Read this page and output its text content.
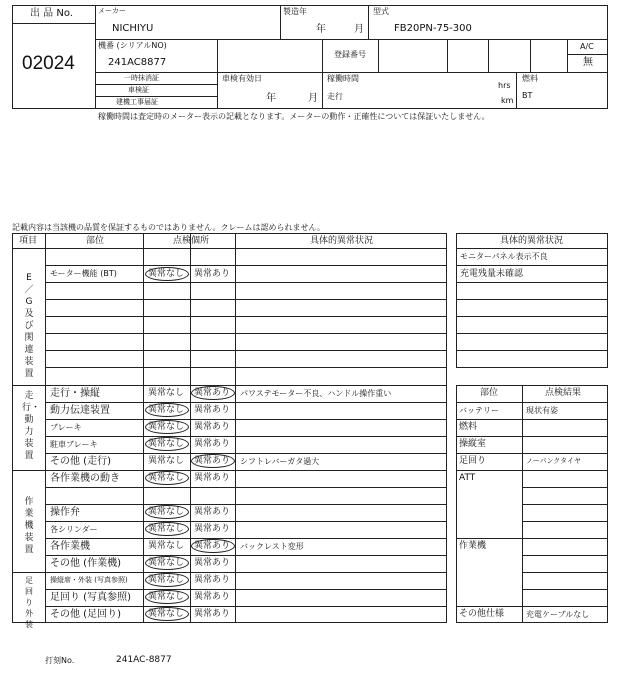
出 品 No.
02024
メーカー
NICHIYU
製造年
年	月
型式
FB20PN-75-300
機番 (シリアルNO)
241AC8877
登録番号
A/C
無
一時抹消証
車検証
建機工事届証
車検有効日
年	月
稼働時間
hrs
走行	km
燃料
BT
稼働時間は査定時のメーター表示の記載となります。メーターの動作・正確性については保証いたしません。
記載内容は当該機の品質を保証するものではありません。クレームは認められません。
項目	部位	点検個所	具体的異常状況
E／G及び関連装置
走行・動力装置
作業機装置
足回り外装
モーター機能 (BT)	異常なし 異常あり
走行・操縦	異常なし 異常あり パワステモーター不良、ハンドル操作重い
動力伝達装置	異常なし 異常あり
ブレーキ	異常なし 異常あり
駐車ブレーキ	異常なし 異常あり
その他 (走行)	異常なし 異常あり シフトレバーガタ過大
各作業機の動き	異常なし 異常あり
操作弁	異常なし 異常あり
各シリンダー	異常なし 異常あり
各作業機	異常なし 異常あり バックレスト変形
その他 (作業機)	異常なし 異常あり
操縦席・外装 (写真参照) 異常なし 異常あり
足回り (写真参照) 異常なし 異常あり
その他 (足回り)	異常なし 異常あり
具体的異常状況
モニターパネル表示不良
充電残量未確認
部位	点検結果
バッテリー	現状有姿
燃料
操縦室
足回り	ノーパンクタイヤ
ATT
作業機
その他仕様	充電ケーブルなし
打刻No.	241AC-8877
